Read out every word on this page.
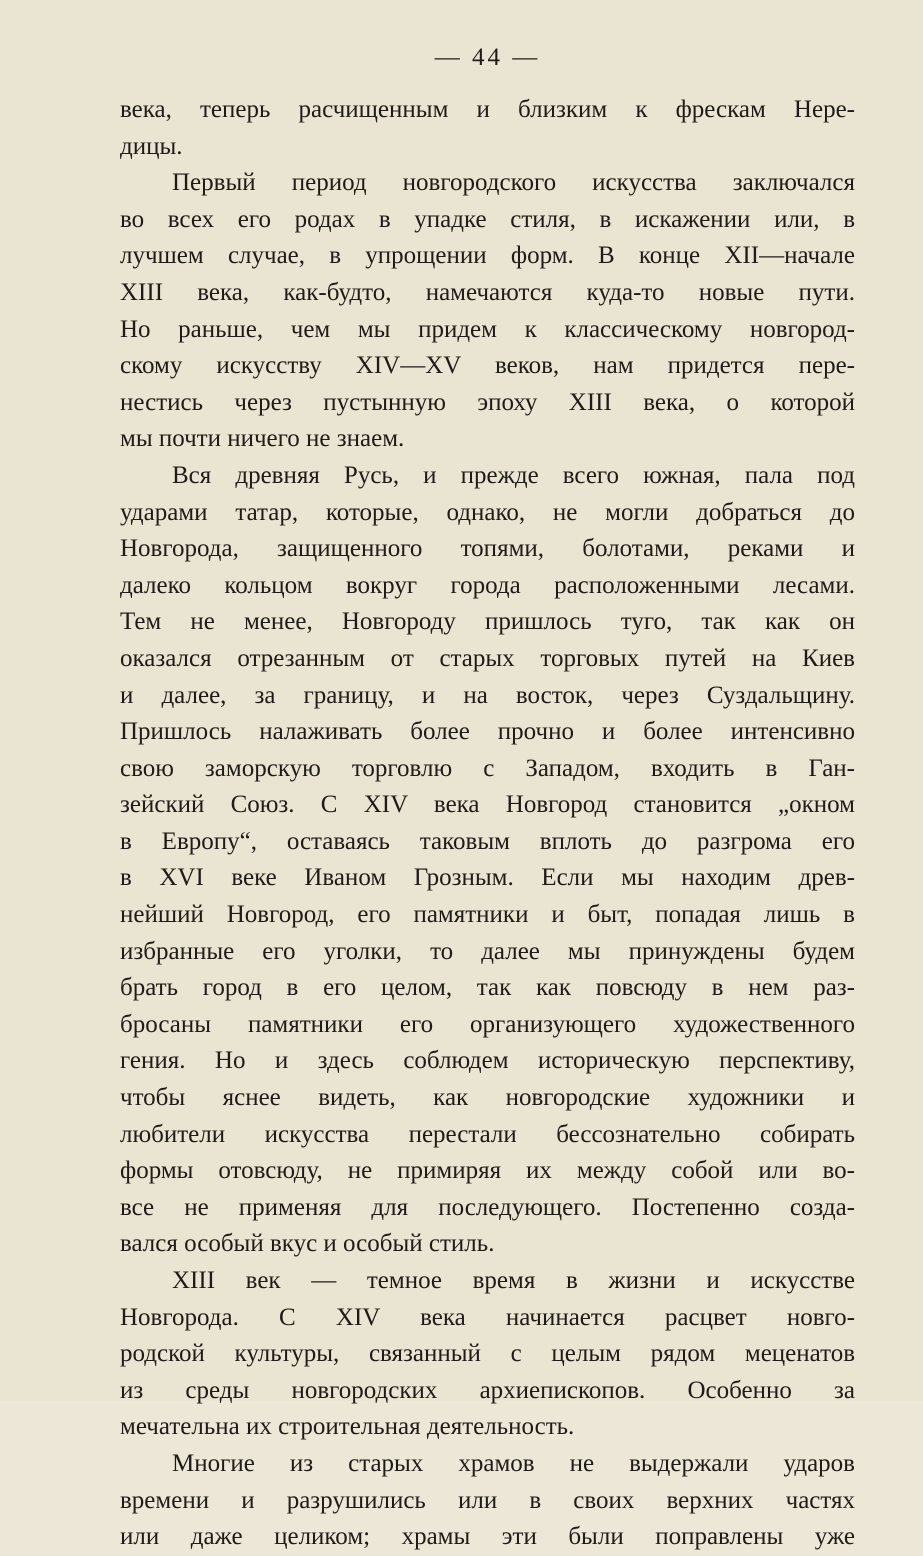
— 44 —
века, теперь расчищенным и близким к фрескам Нере-
дицы.
Первый период новгородского искусства заключался
во всех его родах в упадке стиля, в искажении или, в
лучшем случае, в упрощении форм. В конце XII—начале
XIII века, как-будто, намечаются куда-то новые пути.
Но раньше, чем мы придем к классическому новгород-
скому искусству XIV—XV веков, нам придется пере-
нестись через пустынную эпоху XIII века, о которой
мы почти ничего не знаем.
Вся древняя Русь, и прежде всего южная, пала под
ударами татар, которые, однако, не могли добраться до
Новгорода, защищенного топями, болотами, реками и
далеко кольцом вокруг города расположенными лесами.
Тем не менее, Новгороду пришлось туго, так как он
оказался отрезанным от старых торговых путей на Киев
и далее, за границу, и на восток, через Суздальщину.
Пришлось налаживать более прочно и более интенсивно
свою заморскую торговлю с Западом, входить в Ган-
зейский Союз. С XIV века Новгород становится „окном
в Европу“, оставаясь таковым вплоть до разгрома его
в XVI веке Иваном Грозным. Если мы находим древ-
нейший Новгород, его памятники и быт, попадая лишь в
избранные его уголки, то далее мы принуждены будем
брать город в его целом, так как повсюду в нем раз-
бросаны памятники его организующего художественного
гения. Но и здесь соблюдем историческую перспективу,
чтобы яснее видеть, как новгородские художники и
любители искусства перестали бессознательно собирать
формы отовсюду, не примиряя их между собой или во-
все не применяя для последующего. Постепенно созда-
вался особый вкус и особый стиль.
XIII век — темное время в жизни и искусстве
Новгорода. С XIV века начинается расцвет новго-
родской культуры, связанный с целым рядом меценатов
из среды новгородских архиепископов. Особенно за
мечательна их строительная деятельность.
Многие из старых храмов не выдержали ударов
времени и разрушились или в своих верхних частях
или даже целиком; храмы эти были поправлены уже
